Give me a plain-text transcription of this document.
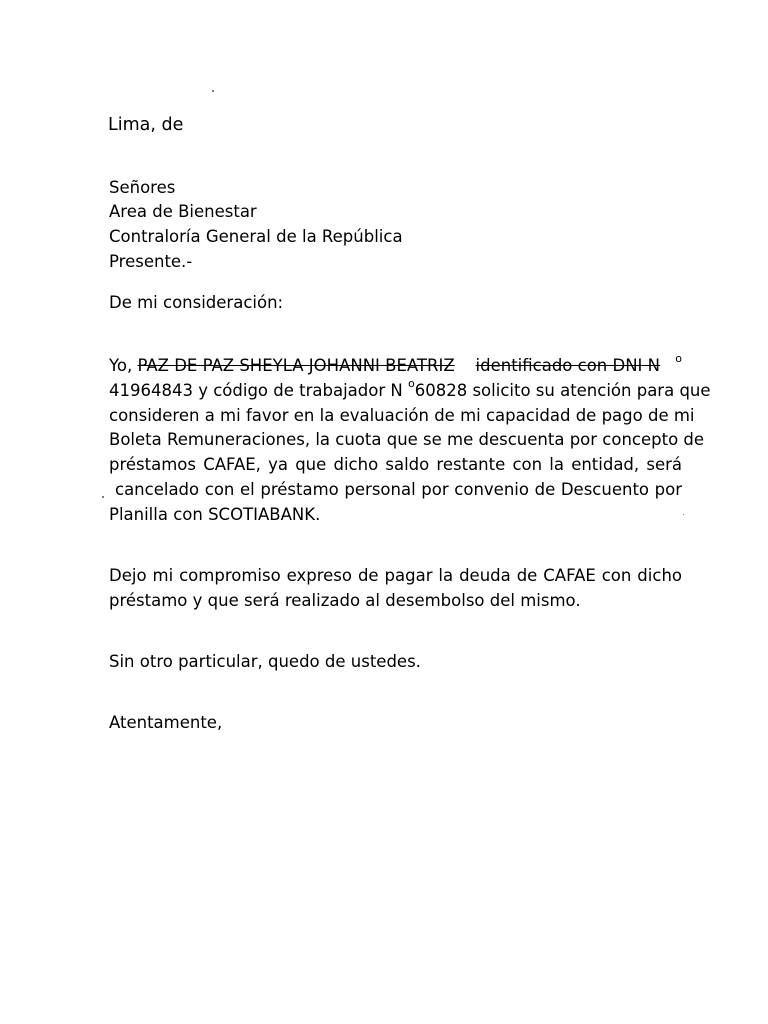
Lima, de
Señores
Area de Bienestar
Contraloría General de la República
Presente.-
De mi consideración:
Yo, PAZ DE PAZ SHEYLA JOHANNI BEATRIZ identificado con DNI N $^o$
41964843 y código de trabajador N $^o$ 60828 solicito su atención para que
consideren a mi favor en la evaluación de mi capacidad de pago de mi
Boleta Remuneraciones, la cuota que se me descuenta por concepto de
préstamos CAFAE, ya que dicho saldo restante con la entidad, será
cancelado con el préstamo personal por convenio de Descuento por
Planilla con SCOTIABANK.
Dejo mi compromiso expreso de pagar la deuda de CAFAE con dicho
préstamo y que será realizado al desembolso del mismo.
Sin otro particular, quedo de ustedes.
Atentamente,
